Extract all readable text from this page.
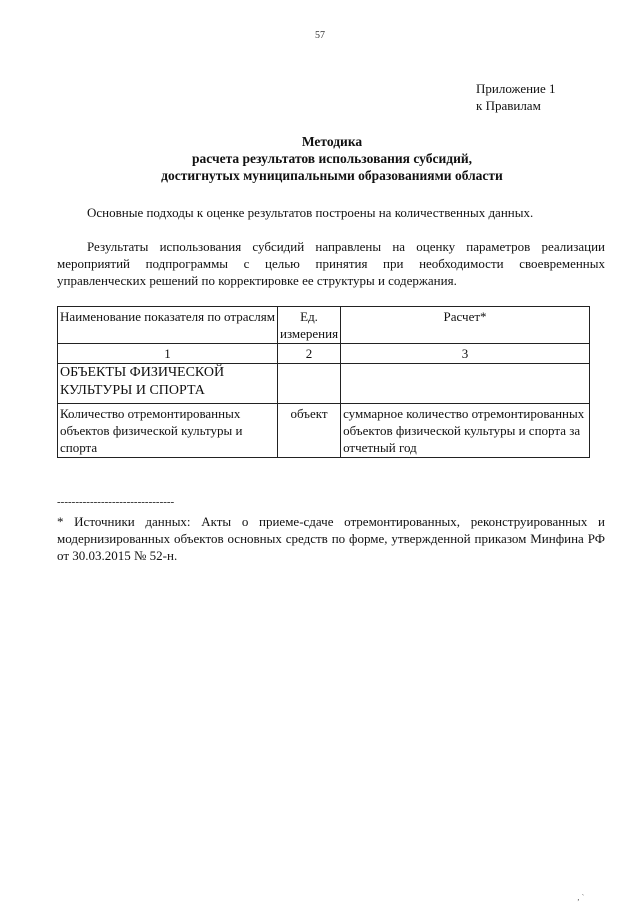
57
Приложение 1
к Правилам
Методика
расчета результатов использования субсидий,
достигнутых муниципальными образованиями области
Основные подходы к оценке результатов построены на количественных данных.
Результаты использования субсидий направлены на оценку параметров реализации мероприятий подпрограммы с целью принятия при необходимости своевременных управленческих решений по корректировке ее структуры и содержания.
Наименование показателя по отраслям	Ед. измерения	Расчет*
1	2	3
ОБЪЕКТЫ ФИЗИЧЕСКОЙ КУЛЬТУРЫ И СПОРТА		
Количество отремонтированных объектов физической культуры и спорта	объект	суммарное количество отремонтированных объектов физической культуры и спорта за отчетный год
--------------------------------
* Источники данных: Акты о приеме-сдаче отремонтированных, реконструированных и модернизированных объектов основных средств по форме, утвержденной приказом Минфина РФ от 30.03.2015 № 52-н.
‚ `
